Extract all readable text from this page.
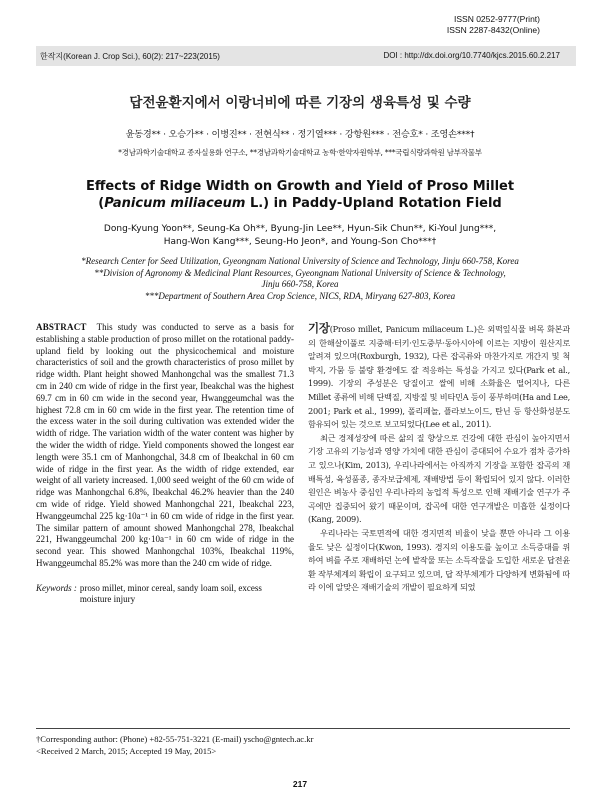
ISSN 0252-9777(Print)
ISSN 2287-8432(Online)
한작지(Korean J. Crop Sci.), 60(2): 217~223(2015)	DOI : http://dx.doi.org/10.7740/kjcs.2015.60.2.217
답전윤환지에서 이랑너비에 따른 기장의 생육특성 및 수량
윤동경** · 오승가** · 이병진** · 전현식** · 정기열*** · 강항원*** · 전승호* · 조영손***†
*경남과학기술대학교 종자실용화 연구소, **경남과학기술대학교 농학·한약자원학부, ***국립식량과학원 남부작물부
Effects of Ridge Width on Growth and Yield of Proso Millet
(Panicum miliaceum L.) in Paddy-Upland Rotation Field
Dong-Kyung Yoon**, Seung-Ka Oh**, Byung-Jin Lee**, Hyun-Sik Chun**, Ki-Youl Jung***,
Hang-Won Kang***, Seung-Ho Jeon*, and Young-Son Cho***†
*Research Center for Seed Utilization, Gyeongnam National University of Science and Technology, Jinju 660-758, Korea
**Division of Agronomy & Medicinal Plant Resources, Gyeongnam National University of Science & Technology,
Jinju 660-758, Korea
***Department of Southern Area Crop Science, NICS, RDA, Miryang 627-803, Korea
ABSTRACT This study was conducted to serve as a basis for establishing a stable production of proso millet on the rotational paddy-upland field by looking out the physicochemical and moisture characteristics of soil and the growth characteristics of proso millet by ridge width. Plant height showed Manhongchal was the smallest 71.3 cm in 240 cm wide of ridge in the first year, Ibeakchal was the highest 69.7 cm in 60 cm wide in the second year, Hwanggeumchal was the highest 72.8 cm in 60 cm wide in the first year. The retention time of the excess water in the soil during cultivation was extended wider the width of ridge. The variation width of the water content was higher by the wider the width of ridge. Yield components showed the longest ear length were 35.1 cm of Manhongchal, 34.8 cm of Ibeakchal in 60 cm wide of ridge in the first year. As the width of ridge extended, ear weight of all variety increased. 1,000 seed weight of the 60 cm wide of ridge was Manhongchal 6.8%, Ibeakchal 46.2% heavier than the 240 cm wide of ridge. Yield showed Manhongchal 221, Ibeakchal 223, Hwanggeumchal 225 kg·10a⁻¹ in 60 cm wide of ridge in the first year. The similar pattern of amount showed Manhongchal 278, Ibeakchal 221, Hwanggeumchal 200 kg·10a⁻¹ in 60 cm wide of ridge in the second year. This showed Manhongchal 103%, Ibeakchal 119%, Hwanggeumchal 85.2% was more than the 240 cm wide of ridge.
Keywords : proso millet, minor cereal, sandy loam soil, excess moisture injury

기장(Proso millet, Panicum miliaceum L.)은 외떡잎식물 벼목 화본과의 한해살이풀로 지중해·터키·인도중부·동아시아에 이르는 지방이 원산지로 알려져 있으며(Roxburgh, 1932), 다른 잡곡류와 마찬가지로 개간지 및 척박지, 가뭄 등 불량 환경에도 잘 적응하는 특성을 가지고 있다(Park et al., 1999). 기장의 주성분은 당질이고 쌀에 비해 소화율은 떨어지나, 다른 Millet 종류에 비해 단백질, 지방질 및 비타민A 등이 풍부하며(Ha and Lee, 2001; Park et al., 1999), 폴리페놀, 플라보노이드, 탄닌 등 항산화성분도 함유되어 있는 것으로 보고되었다(Lee et al., 2011).

최근 경제성장에 따른 삶의 질 향상으로 건강에 대한 관심이 높아지면서 기장 고유의 기능성과 영양 가치에 대한 관심이 증대되어 수요가 점차 증가하고 있으나(Kim, 2013), 우리나라에서는 아직까지 기장을 포함한 잡곡의 재배특성, 육성품종, 종자보급체제, 재배방법 등이 확립되어 있지 않다. 이러한 원인은 벼농사 중심인 우리나라의 농업적 특성으로 인해 재배기술 연구가 주곡에만 집중되어 왔기 때문이며, 잡곡에 대한 연구개발은 미흡한 실정이다(Kang, 2009).

우리나라는 국토면적에 대한 경지면적 비율이 낮을 뿐만 아니라 그 이용율도 낮은 실정이다(Kwon, 1993). 경지의 이용도를 높이고 소득증대를 위하여 벼를 주로 재배하던 논에 밭작물 또는 소득작물을 도입한 새로운 답전윤환 작부체계의 확립이 요구되고 있으며, 답 작부체계가 다양하게 변화됨에 따라 이에 알맞은 재배기술의 개발이 필요하게 되었

†Corresponding author: (Phone) +82-55-751-3221 (E-mail) yscho@gntech.ac.kr
<Received 2 March, 2015; Accepted 19 May, 2015>
217
